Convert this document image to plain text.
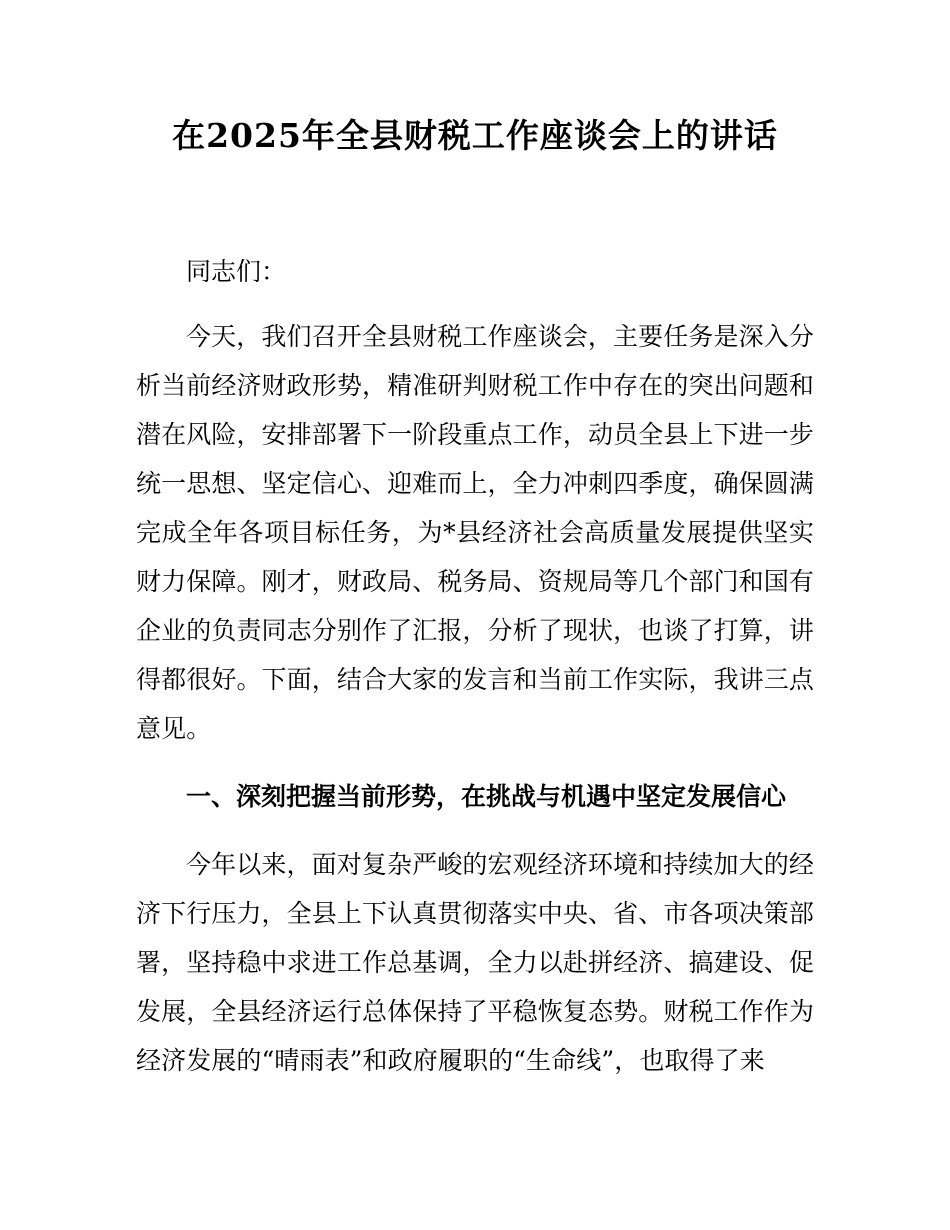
在2025年全县财税工作座谈会上的讲话

同志们：

今天，我们召开全县财税工作座谈会，主要任务是深入分析当前经济财政形势，精准研判财税工作中存在的突出问题和潜在风险，安排部署下一阶段重点工作，动员全县上下进一步统一思想、坚定信心、迎难而上，全力冲刺四季度，确保圆满完成全年各项目标任务，为*县经济社会高质量发展提供坚实财力保障。刚才，财政局、税务局、资规局等几个部门和国有企业的负责同志分别作了汇报，分析了现状，也谈了打算，讲得都很好。下面，结合大家的发言和当前工作实际，我讲三点意见。

一、深刻把握当前形势，在挑战与机遇中坚定发展信心

今年以来，面对复杂严峻的宏观经济环境和持续加大的经济下行压力，全县上下认真贯彻落实中央、省、市各项决策部署，坚持稳中求进工作总基调，全力以赴拼经济、搞建设、促发展，全县经济运行总体保持了平稳恢复态势。财税工作作为经济发展的“晴雨表”和政府履职的“生命线”，也取得了来
